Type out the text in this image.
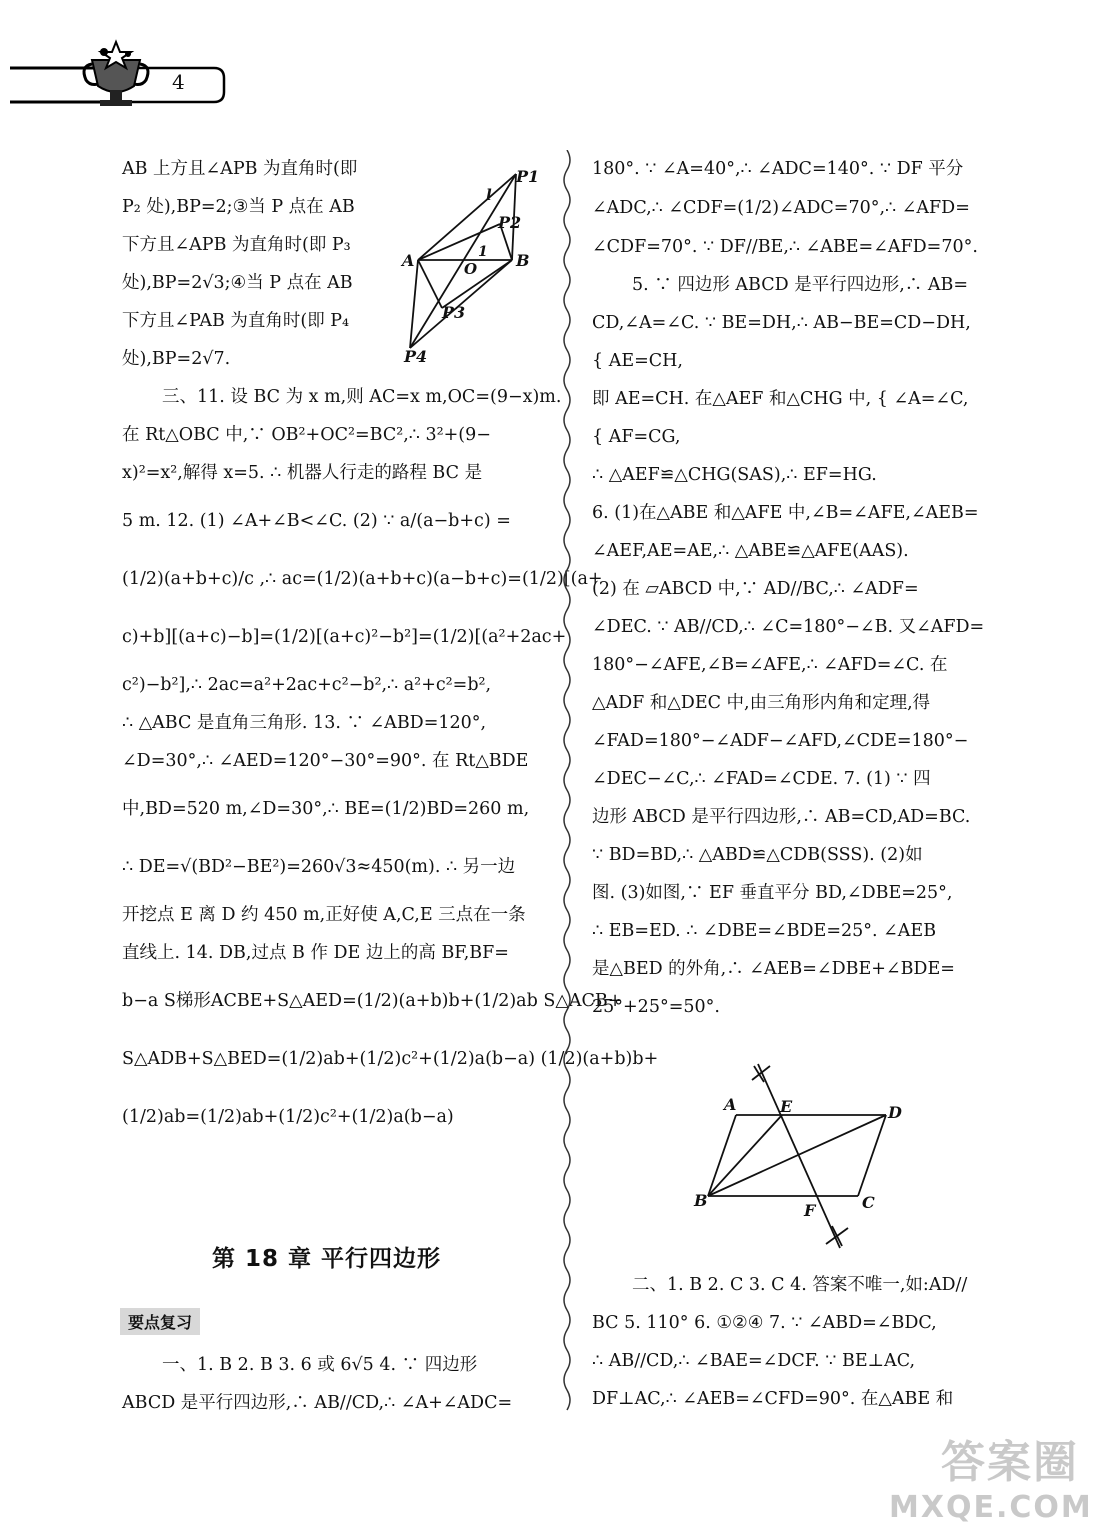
4
AB 上方且∠APB 为直角时(即
P₂ 处),BP=2;③当 P 点在 AB
下方且∠APB 为直角时(即 P₃
处),BP=2√3;④当 P 点在 AB
下方且∠PAB 为直角时(即 P₄
处),BP=2√7.
三、11. 设 BC 为 x m,则 AC=x m,OC=(9−x)m.
在 Rt△OBC 中,∵ OB²+OC²=BC²,∴ 3²+(9−
x)²=x²,解得 x=5. ∴ 机器人行走的路程 BC 是
5 m. 12. (1) ∠A+∠B<∠C. (2) ∵ a/(a−b+c) =
(1/2)(a+b+c)/c ,∴ ac=(1/2)(a+b+c)(a−b+c)=(1/2)[(a+
c)+b][(a+c)−b]=(1/2)[(a+c)²−b²]=(1/2)[(a²+2ac+
c²)−b²],∴ 2ac=a²+2ac+c²−b²,∴ a²+c²=b²,
∴ △ABC 是直角三角形. 13. ∵ ∠ABD=120°,
∠D=30°,∴ ∠AED=120°−30°=90°. 在 Rt△BDE
中,BD=520 m,∠D=30°,∴ BE=(1/2)BD=260 m,
∴ DE=√(BD²−BE²)=260√3≈450(m). ∴ 另一边
开挖点 E 离 D 约 450 m,正好使 A,C,E 三点在一条
直线上. 14. DB,过点 B 作 DE 边上的高 BF,BF=
b−a S梯形ACBE+S△AED=(1/2)(a+b)b+(1/2)ab S△ACB+
S△ADB+S△BED=(1/2)ab+(1/2)c²+(1/2)a(b−a) (1/2)(a+b)b+
(1/2)ab=(1/2)ab+(1/2)c²+(1/2)a(b−a)
P1
l
P2
1
A	O B
P3
P4
第 18 章 平行四边形
要点复习
一、1. B 2. B 3. 6 或 6√5 4. ∵ 四边形
ABCD 是平行四边形,∴ AB//CD,∴ ∠A+∠ADC=
180°. ∵ ∠A=40°,∴ ∠ADC=140°. ∵ DF 平分
∠ADC,∴ ∠CDF=(1/2)∠ADC=70°,∴ ∠AFD=
∠CDF=70°. ∵ DF//BE,∴ ∠ABE=∠AFD=70°.
5. ∵ 四边形 ABCD 是平行四边形,∴ AB=
CD,∠A=∠C. ∵ BE=DH,∴ AB−BE=CD−DH,
{ AE=CH,
即 AE=CH. 在△AEF 和△CHG 中, { ∠A=∠C,
{ AF=CG,
∴ △AEF≌△CHG(SAS),∴ EF=HG.
6. (1)在△ABE 和△AFE 中,∠B=∠AFE,∠AEB=
∠AEF,AE=AE,∴ △ABE≌△AFE(AAS).
(2) 在 ▱ABCD 中,∵ AD//BC,∴ ∠ADF=
∠DEC. ∵ AB//CD,∴ ∠C=180°−∠B. 又∠AFD=
180°−∠AFE,∠B=∠AFE,∴ ∠AFD=∠C. 在
△ADF 和△DEC 中,由三角形内角和定理,得
∠FAD=180°−∠ADF−∠AFD,∠CDE=180°−
∠DEC−∠C,∴ ∠FAD=∠CDE. 7. (1) ∵ 四
边形 ABCD 是平行四边形,∴ AB=CD,AD=BC.
∵ BD=BD,∴ △ABD≌△CDB(SSS). (2)如
图. (3)如图,∵ EF 垂直平分 BD,∠DBE=25°,
∴ EB=ED. ∴ ∠DBE=∠BDE=25°. ∠AEB
是△BED 的外角,∴ ∠AEB=∠DBE+∠BDE=
25°+25°=50°.
A	E	D
B
F	C
二、1. B 2. C 3. C 4. 答案不唯一,如:AD//
BC 5. 110° 6. ①②④ 7. ∵ ∠ABD=∠BDC,
∴ AB//CD,∴ ∠BAE=∠DCF. ∵ BE⊥AC,
DF⊥AC,∴ ∠AEB=∠CFD=90°. 在△ABE 和
答案圈
MXQE.COM
